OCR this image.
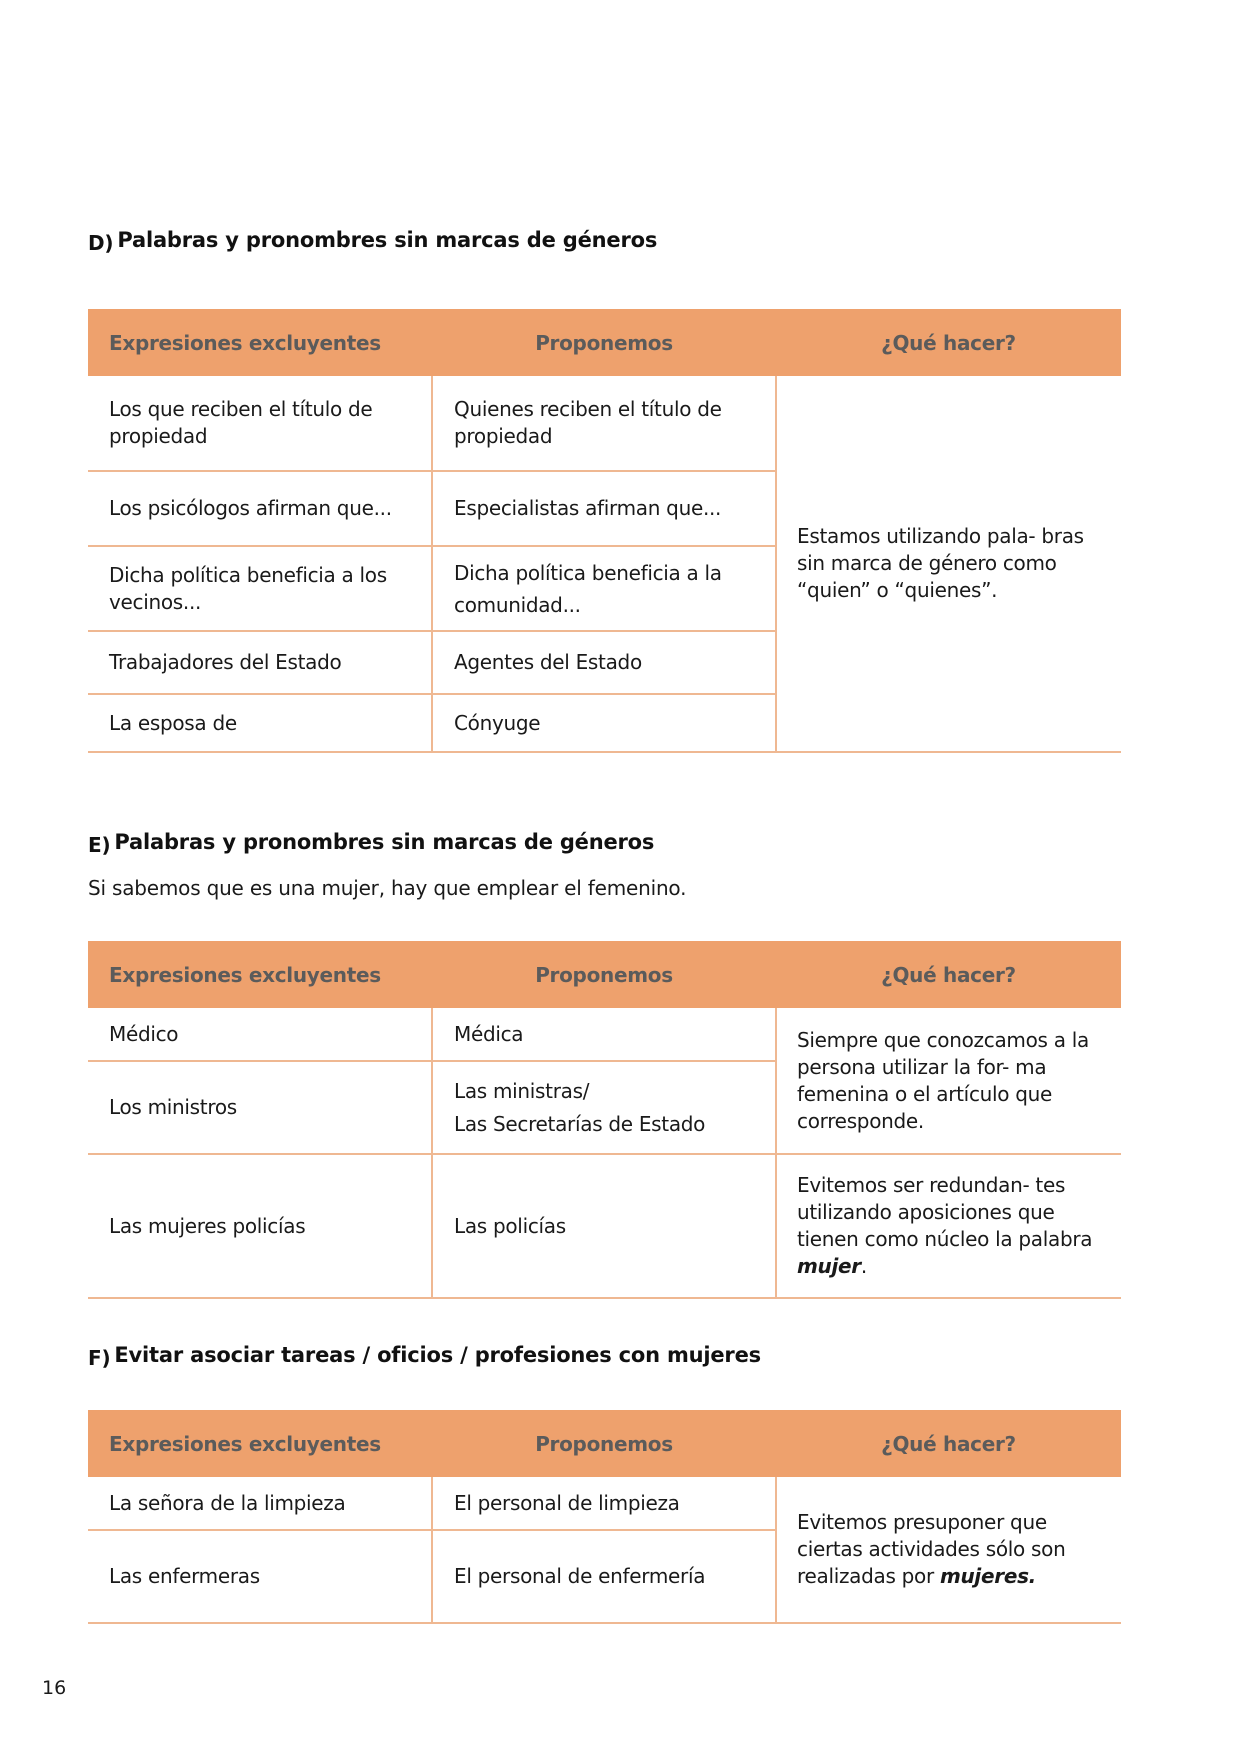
D) Palabras y pronombres sin marcas de géneros
Expresiones excluyentes	Proponemos	¿Qué hacer?
Los que reciben el título de propiedad	Quienes reciben el título de propiedad	Estamos utilizando pala- bras sin marca de género como “quien” o “quienes”.
Los psicólogos afirman que...	Especialistas afirman que...	
Dicha política beneficia a los vecinos...	Dicha política beneficia a la comunidad...	
Trabajadores del Estado	Agentes del Estado	
La esposa de	Cónyuge	
E) Palabras y pronombres sin marcas de géneros
Si sabemos que es una mujer, hay que emplear el femenino.
Expresiones excluyentes	Proponemos	¿Qué hacer?
Médico	Médica	Siempre que conozcamos a la persona utilizar la for- ma femenina o el artículo que corresponde.
Los ministros	Las ministras/
Las Secretarías de Estado	

Las mujeres policías	Las policías	Evitemos ser redundan- tes utilizando aposiciones que tienen como núcleo la palabra mujer.
F) Evitar asociar tareas / oficios / profesiones con mujeres
Expresiones excluyentes	Proponemos	¿Qué hacer?
La señora de la limpieza	El personal de limpieza	Evitemos presuponer que ciertas actividades sólo son realizadas por mujeres.
Las enfermeras	El personal de enfermería	
16
